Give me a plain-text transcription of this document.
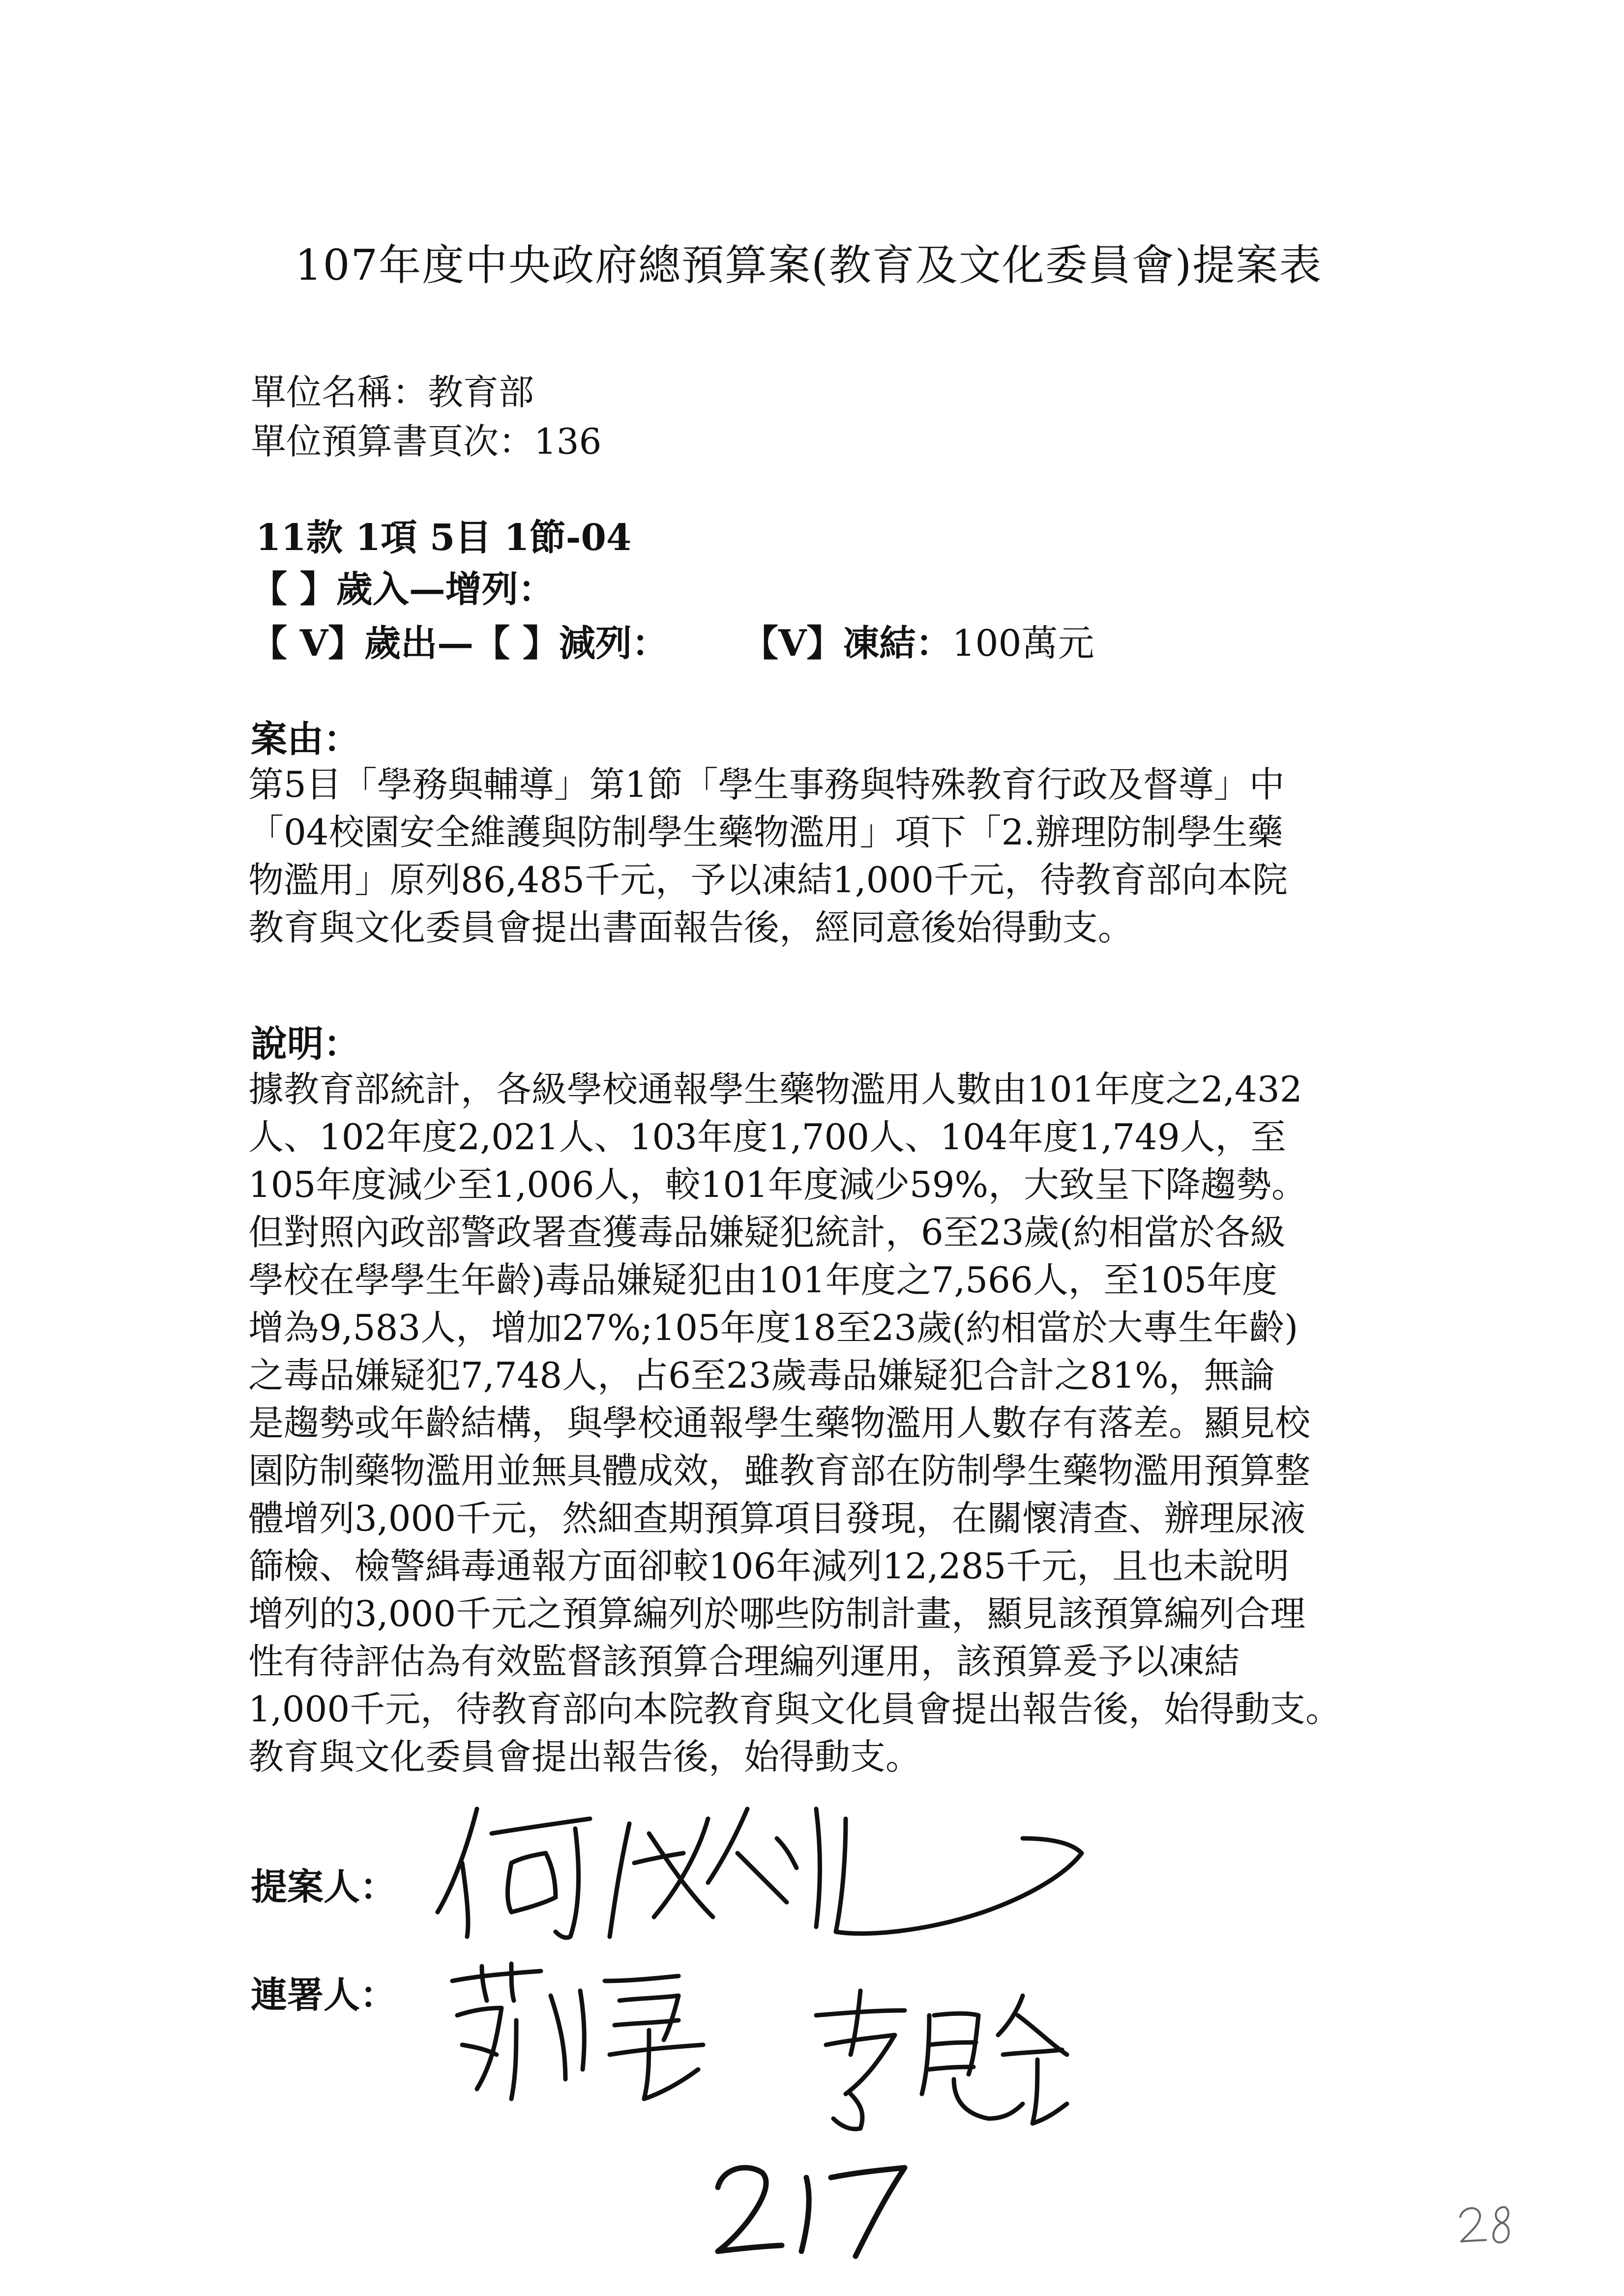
107年度中央政府總預算案(教育及文化委員會)提案表
單位名稱：教育部
單位預算書頁次：136
11款 1項 5目 1節-04
【 】歲入—增列：
【 V】歲出—【 】減列： 【V】凍結：100萬元
案由：
第5目「學務與輔導」第1節「學生事務與特殊教育行政及督導」中
「04校園安全維護與防制學生藥物濫用」項下「2.辦理防制學生藥
物濫用」原列86,485千元，予以凍結1,000千元，待教育部向本院
教育與文化委員會提出書面報告後，經同意後始得動支。
說明：
據教育部統計，各級學校通報學生藥物濫用人數由101年度之2,432
人、102年度2,021人、103年度1,700人、104年度1,749人，至
105年度減少至1,006人，較101年度減少59%，大致呈下降趨勢。
但對照內政部警政署查獲毒品嫌疑犯統計，6至23歲(約相當於各級
學校在學學生年齡)毒品嫌疑犯由101年度之7,566人，至105年度
增為9,583人，增加27%;105年度18至23歲(約相當於大專生年齡)
之毒品嫌疑犯7,748人，占6至23歲毒品嫌疑犯合計之81%，無論
是趨勢或年齡結構，與學校通報學生藥物濫用人數存有落差。顯見校
園防制藥物濫用並無具體成效，雖教育部在防制學生藥物濫用預算整
體增列3,000千元，然細查期預算項目發現，在關懷清查、辦理尿液
篩檢、檢警緝毒通報方面卻較106年減列12,285千元，且也未說明
增列的3,000千元之預算編列於哪些防制計畫，顯見該預算編列合理
性有待評估為有效監督該預算合理編列運用，該預算爰予以凍結
1,000千元，待教育部向本院教育與文化員會提出報告後，始得動支。
教育與文化委員會提出報告後，始得動支。
提案人：
連署人：
217
28
